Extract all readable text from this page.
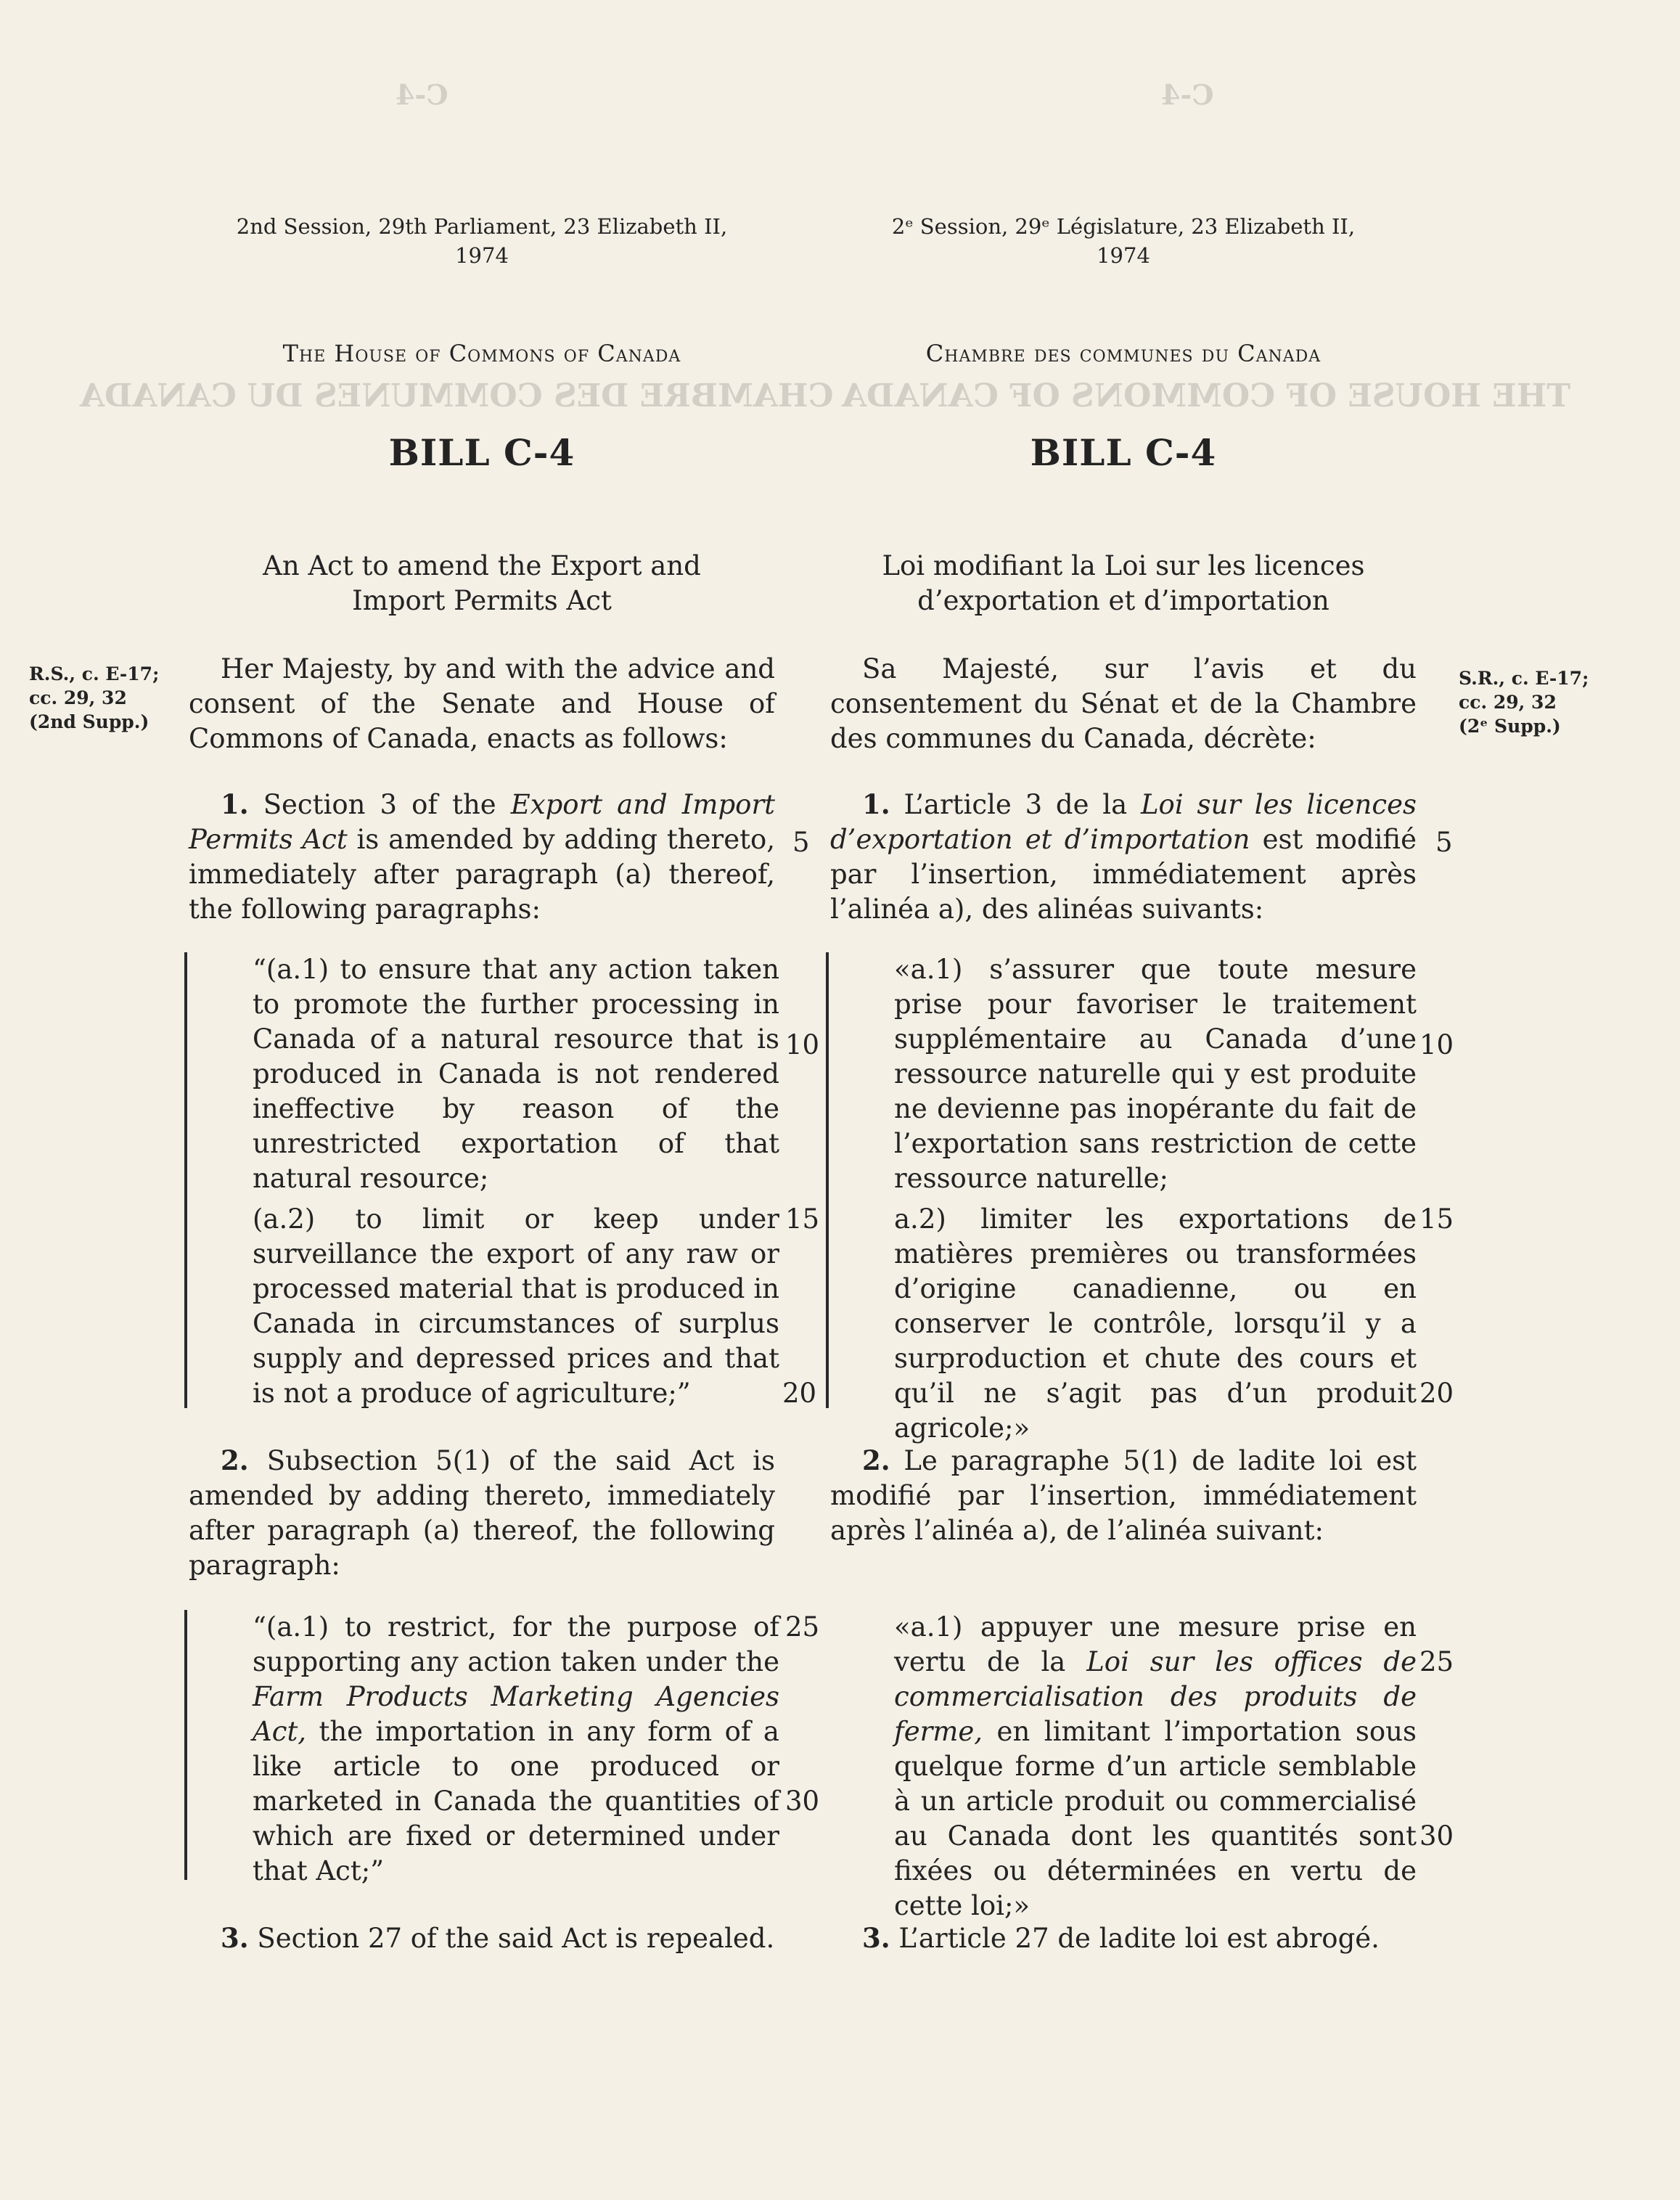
CHAMBRE DES COMMUNES DU CANADA THE HOUSE OF COMMONS OF CANADA
C-4	C-4
2nd Session, 29th Parliament, 23 Elizabeth II,
1974
The House of Commons of Canada
BILL C-4
An Act to amend the Export and
Import Permits Act
R.S., c. E-17;
cc. 29, 32
(2nd Supp.)

Her Majesty, by and with the advice and consent of the Senate and House of Commons of Canada, enacts as follows:

1. Section 3 of the Export and Import Permits Act is amended by adding thereto, immediately after paragraph (a) thereof, the following paragraphs:

“(a.1) to ensure that any action taken to promote the further processing in Canada of a natural resource that is produced in Canada is not rendered ineffective by reason of the unrestricted exportation of that natural resource;

(a.2) to limit or keep under surveillance the export of any raw or processed material that is produced in Canada in circumstances of surplus supply and depressed prices and that is not a produce of agriculture;”

2. Subsection 5(1) of the said Act is amended by adding thereto, immediately after paragraph (a) thereof, the following paragraph:

“(a.1) to restrict, for the purpose of supporting any action taken under the Farm Products Marketing Agencies Act, the importation in any form of a like article to one produced or marketed in Canada the quantities of which are fixed or determined under that Act;”

3. Section 27 of the said Act is repealed.

5
10
15
20
25
30
2ᵉ Session, 29ᵉ Législature, 23 Elizabeth II,
1974
Chambre des communes du Canada
BILL C-4
Loi modifiant la Loi sur les licences
d’exportation et d’importation

Sa Majesté, sur l’avis et du consentement du Sénat et de la Chambre des communes du Canada, décrète:

S.R., c. E-17;
cc. 29, 32
(2ᵉ Supp.)

1. L’article 3 de la Loi sur les licences d’exportation et d’importation est modifié par l’insertion, immédiatement après l’alinéa a), des alinéas suivants:

«a.1) s’assurer que toute mesure prise pour favoriser le traitement supplémentaire au Canada d’une ressource naturelle qui y est produite ne devienne pas inopérante du fait de l’exportation sans restriction de cette ressource naturelle;

a.2) limiter les exportations de matières premières ou transformées d’origine canadienne, ou en conserver le contrôle, lorsqu’il y a surproduction et chute des cours et qu’il ne s’agit pas d’un produit agricole;»

2. Le paragraphe 5(1) de ladite loi est modifié par l’insertion, immédiatement après l’alinéa a), de l’alinéa suivant:

«a.1) appuyer une mesure prise en vertu de la Loi sur les offices de commercialisation des produits de ferme, en limitant l’importation sous quelque forme d’un article semblable à un article produit ou commercialisé au Canada dont les quantités sont fixées ou déterminées en vertu de cette loi;»

3. L’article 27 de ladite loi est abrogé.

5
10
15
20
25
30
